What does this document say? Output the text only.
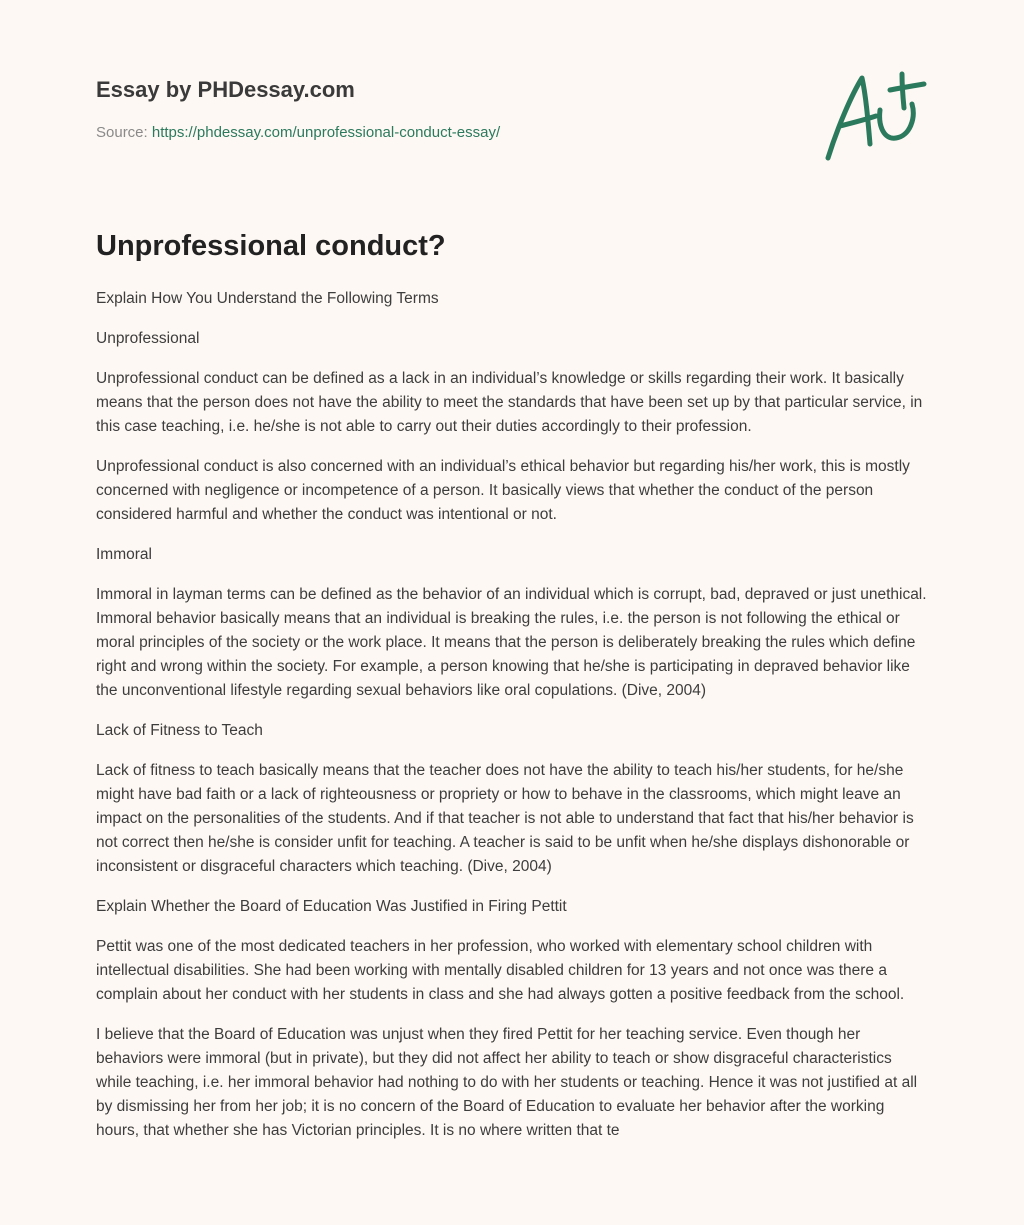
Essay by PHDessay.com
Source: https://phdessay.com/unprofessional-conduct-essay/
Unprofessional conduct?

Explain How You Understand the Following Terms

Unprofessional

Unprofessional conduct can be defined as a lack in an individual’s knowledge or skills regarding their work. It basically means that the person does not have the ability to meet the standards that have been set up by that particular service, in this case teaching, i.e. he/she is not able to carry out their duties accordingly to their profession.

Unprofessional conduct is also concerned with an individual’s ethical behavior but regarding his/her work, this is mostly concerned with negligence or incompetence of a person. It basically views that whether the conduct of the person considered harmful and whether the conduct was intentional or not.

Immoral

Immoral in layman terms can be defined as the behavior of an individual which is corrupt, bad, depraved or just unethical. Immoral behavior basically means that an individual is breaking the rules, i.e. the person is not following the ethical or moral principles of the society or the work place. It means that the person is deliberately breaking the rules which define right and wrong within the society. For example, a person knowing that he/she is participating in depraved behavior like the unconventional lifestyle regarding sexual behaviors like oral copulations. (Dive, 2004)

Lack of Fitness to Teach

Lack of fitness to teach basically means that the teacher does not have the ability to teach his/her students, for he/she might have bad faith or a lack of righteousness or propriety or how to behave in the classrooms, which might leave an impact on the personalities of the students. And if that teacher is not able to understand that fact that his/her behavior is not correct then he/she is consider unfit for teaching. A teacher is said to be unfit when he/she displays dishonorable or inconsistent or disgraceful characters which teaching. (Dive, 2004)

Explain Whether the Board of Education Was Justified in Firing Pettit

Pettit was one of the most dedicated teachers in her profession, who worked with elementary school children with intellectual disabilities. She had been working with mentally disabled children for 13 years and not once was there a complain about her conduct with her students in class and she had always gotten a positive feedback from the school.

I believe that the Board of Education was unjust when they fired Pettit for her teaching service. Even though her behaviors were immoral (but in private), but they did not affect her ability to teach or show disgraceful characteristics while teaching, i.e. her immoral behavior had nothing to do with her students or teaching. Hence it was not justified at all by dismissing her from her job; it is no concern of the Board of Education to evaluate her behavior after the working hours, that whether she has Victorian principles. It is no where written that te
